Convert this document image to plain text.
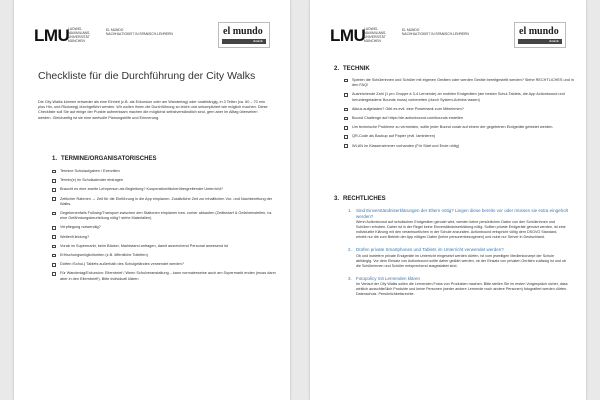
LMU
LUDWIG- MAXIMILIANS- UNIVERSITÄT MÜNCHEN
EL MUNDO
NACHHALTIGKEIT IN SPANISCH-LEHRERN	el mundo
didaktik
Checkliste für die Durchführung der City Walks

Die City-Walks können entweder als eine Einheit (z.B. als Exkursion oder am Wandertag) oder unabhängig, in 3 Teilen (ca. 60 – 70 min plus Hin- und Rückweg) durchgeführt werden. Wir wollen Ihnen die Durchführung so leicht und unkompliziert wie möglich machen. Diese Checkliste soll Sie auf einige der Punkte aufmerksam machen die möglichst selbstverständlich sind, gern aber im Alltag übersehen werden. Gleichzeitig ist sie eine wertvolle Planungshilfe und Erinnerung.

1. TERMINE/ORGANISATORISCHES
Termine Schulaufgaben / Exerzitien
Termin(e) im Schulkalender eintragen
Braucht es eine zweite Lehrperson als Begleitung? Kooperation/fächerübergreifender Unterricht?
Zeitlicher Rahmen → Zeit für die Einführung in die App einplanen. Zusätzliche Zeit zur inhaltlichen Vor- und Nachbereitung der Walks.
Gegebenenfalls Fußweg/Transport zwischen den Stationen einplanen bzw. vorher abkaufen (Zeitbedarf & Gefahrenstellen, bz. eine Gefährdungsbeurteilung nötig? siehe Materialien)
Verpflegung notwendig?
Wetter/Kleidung?
Vorab im Supermarkt, beim Bäcker, Marktstand anfragen, damit ausreichend Personal anwesend ist
Erfrischungsmöglichkeiten (z.B. öffentliche Toiletten)
Dürfen iSchul-) Tablets außerhalb des Schulgeländes verwendet werden?
Für Wandertag/Exkursion: Elternbrief / Wenn Schulveranstaltung – kann normalerweise auch am Supermarkt enden (muss dann aber in den Elternbrief!). Bitte individuell klären
LMU
LUDWIG- MAXIMILIANS- UNIVERSITÄT MÜNCHEN
EL MUNDO
NACHHALTIGKEIT IN SPANISCH-LEHRERN	el mundo
didaktik
2. TECHNIK
Spielen die Schülerinnen und Schüler mit eigenen Geräten oder werden Geräte bereitgestellt werden? Siehe RECHTLICHES und in den FAQ!
Ausreichende Zahl (1 pro Gruppe à 3-4 Lernende) an mobilen Endgeräten (am besten Schul-Tablets, die App Actionbound und heruntergeladene Bounds muss) vorbereiten (durch System-Admins lassen)
Akkus aufgeladen? Gibt es evtl. eine Powerbank zum Mitnehmen?
Bound Challenge auf https://de.actionbound.com/bounds erstellen
Um technische Probleme zu vermeiden, sollte jeder Bound vorab auf einem der gegebenen Endgeräte getestet werden.
QR-Code als Backup auf Papier (evtl. laminieren)
WLAN im Klassenzimmer vorhanden (Für Start und Ende nötig)
3. RECHTLICHES
1. Sind Einverständniserklärungen der Eltern nötig? Liegen diese bereits vor oder müssen sie extra eingeholt werden?
Wenn Actionbound auf schulischen Endgeräten genutzt wird, werden keine persönlichen Daten von den Schülerinnen und Schülern erhoben. Daher ist in der Regel keine Einverständniserklärung nötig. Sollten private Endgeräte genutzt werden, ist eine individuelle Klärung mit den verantwortlichen in der Schule anzuraten. Actionbound entspricht völlig dem DSGVO Standard, erhebt nur die zum Betrieb der App nötigen Daten (keine personenbezogenen) und nutzt nur Server in Deutschland.
2. Dürfen private Smartphones und Tablets im Unterricht verwendet werden?
Ob und inwiefern private Endgeräte im Unterricht eingesetzt werden dürfen, ist vom jeweiligen Medienkonzept der Schule abhängig. Vor dem Einsatz von Actionbound sollte daher geklärt werden, ob der Einsatz von privaten Geräten zulässig ist und ob die Schülerinnen und Schüler entsprechend ausgestattet sind.
3. Fotopolicy mit Lernenden klären
Im Verlauf der City Walks sollen die Lernenden Fotos von Produkten machen. Bitte stellen Sie im ersten Vorgespräch sicher, dass wirklich ausschließlich Produkte und keine Personen (weder andere Lernende noch andere Personen) fotografiert werden dürfen. Datenschutz. Persönlichkeitsrechte.
